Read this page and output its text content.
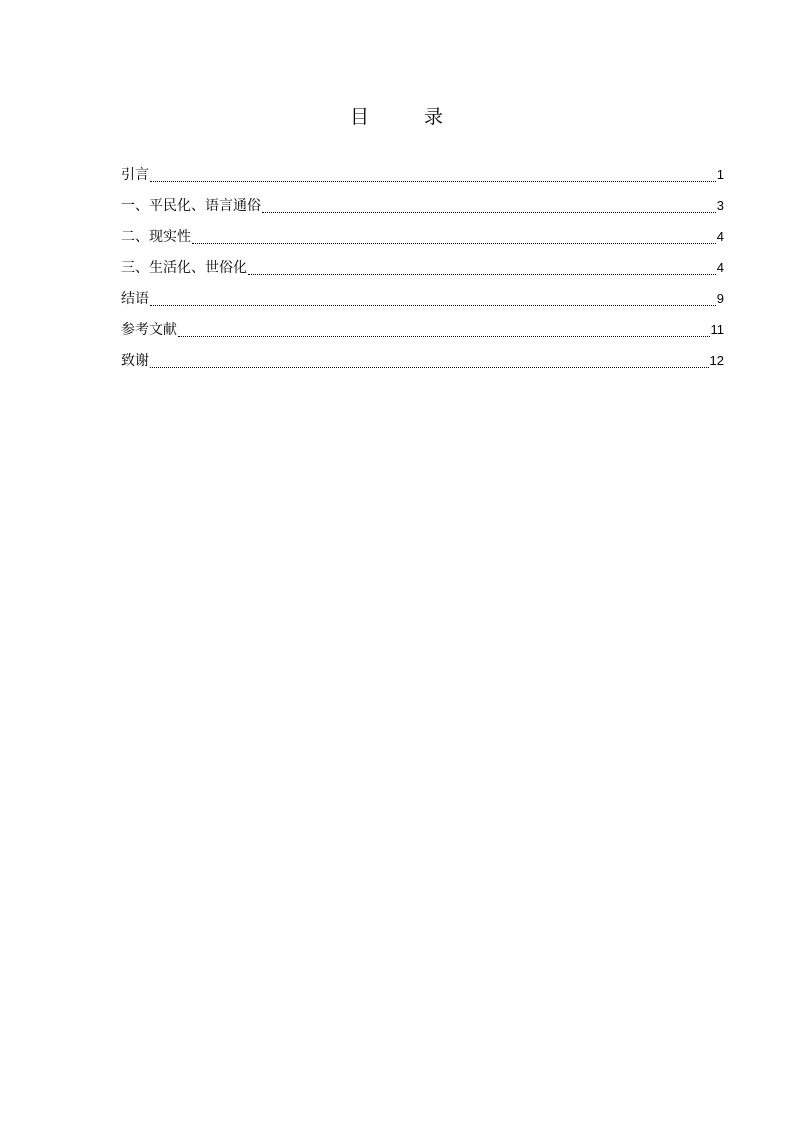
目　录
引言	1
一、平民化、语言通俗	3
二、现实性	4
三、生活化、世俗化	4
结语	9
参考文献	11
致谢	12
